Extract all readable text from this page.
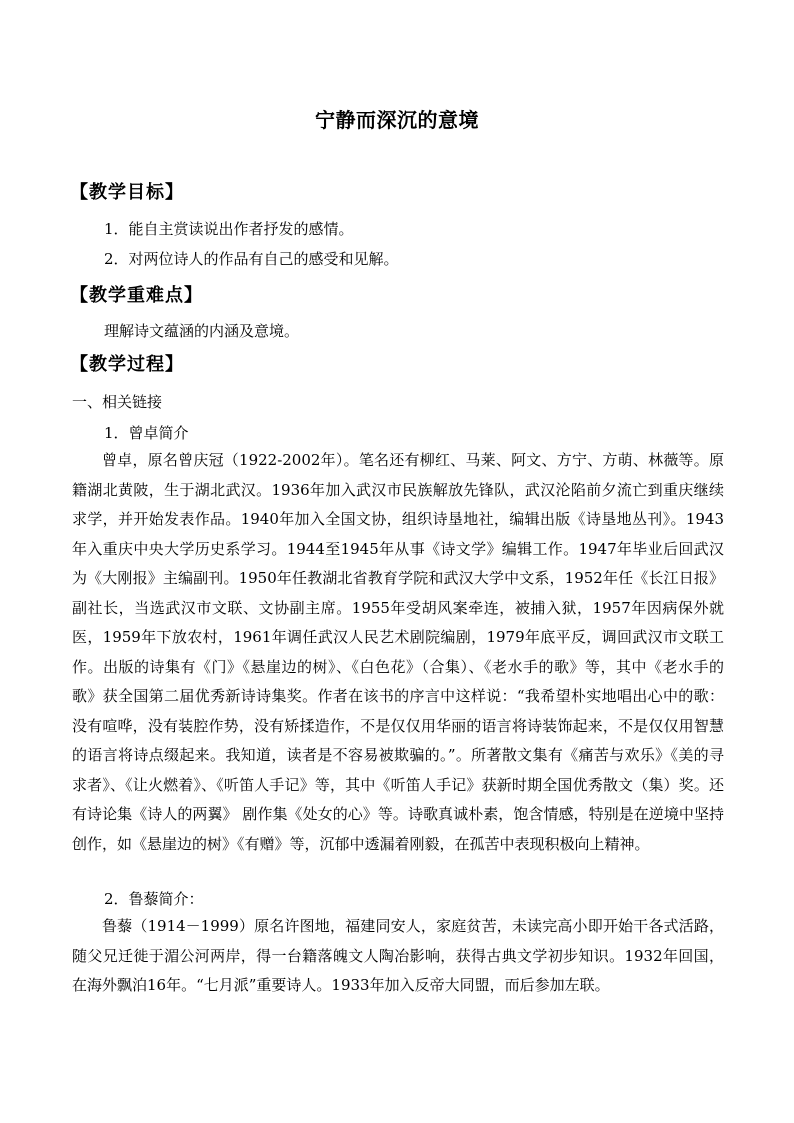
宁静而深沉的意境
【教学目标】
1．能自主赏读说出作者抒发的感情。
2．对两位诗人的作品有自己的感受和见解。
【教学重难点】
理解诗文蕴涵的内涵及意境。
【教学过程】
一、相关链接
1．曾卓简介
曾卓，原名曾庆冠（1922-2002年）。笔名还有柳红、马莱、阿文、方宁、方萌、林薇等。原籍湖北黄陂，生于湖北武汉。1936年加入武汉市民族解放先锋队，武汉沦陷前夕流亡到重庆继续求学，并开始发表作品。1940年加入全国文协，组织诗垦地社，编辑出版《诗垦地丛刊》。1943年入重庆中央大学历史系学习。1944至1945年从事《诗文学》编辑工作。1947年毕业后回武汉为《大刚报》主编副刊。1950年任教湖北省教育学院和武汉大学中文系，1952年任《长江日报》副社长，当选武汉市文联、文协副主席。1955年受胡风案牵连，被捕入狱，1957年因病保外就医，1959年下放农村，1961年调任武汉人民艺术剧院编剧，1979年底平反，调回武汉市文联工作。出版的诗集有《门》《悬崖边的树》、《白色花》（合集）、《老水手的歌》等，其中《老水手的歌》获全国第二届优秀新诗诗集奖。作者在该书的序言中这样说：“我希望朴实地唱出心中的歌：没有喧哗，没有装腔作势，没有矫揉造作，不是仅仅用华丽的语言将诗装饰起来，不是仅仅用智慧的语言将诗点缀起来。我知道，读者是不容易被欺骗的。”。所著散文集有《痛苦与欢乐》《美的寻求者》、《让火燃着》、《听笛人手记》等，其中《听笛人手记》获新时期全国优秀散文（集）奖。还有诗论集《诗人的两翼》 剧作集《处女的心》等。诗歌真诚朴素，饱含情感，特别是在逆境中坚持创作，如《悬崖边的树》《有赠》等，沉郁中透漏着刚毅，在孤苦中表现积极向上精神。
2．鲁藜简介：
鲁藜（1914－1999）原名许图地，福建同安人，家庭贫苦，未读完高小即开始干各式活路，随父兄迁徙于湄公河两岸，得一台籍落魄文人陶冶影响，获得古典文学初步知识。1932年回国，在海外飘泊16年。“七月派”重要诗人。1933年加入反帝大同盟，而后参加左联。
